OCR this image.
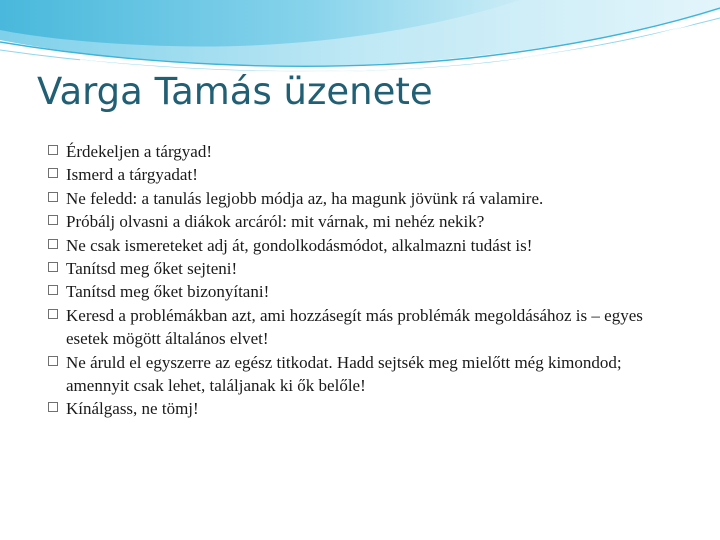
Varga Tamás üzenete
Érdekeljen a tárgyad!
Ismerd a tárgyadat!
Ne feledd: a tanulás legjobb módja az, ha magunk jövünk rá valamire.
Próbálj olvasni a diákok arcáról: mit várnak, mi nehéz nekik?
Ne csak ismereteket adj át, gondolkodásmódot, alkalmazni tudást is!
Tanítsd meg őket sejteni!
Tanítsd meg őket bizonyítani!
Keresd a problémákban azt, ami hozzásegít más problémák megoldásához is – egyes esetek mögött általános elvet!
Ne áruld el egyszerre az egész titkodat. Hadd sejtsék meg mielőtt még kimondod; amennyit csak lehet, találjanak ki ők belőle!
Kínálgass, ne tömj!
